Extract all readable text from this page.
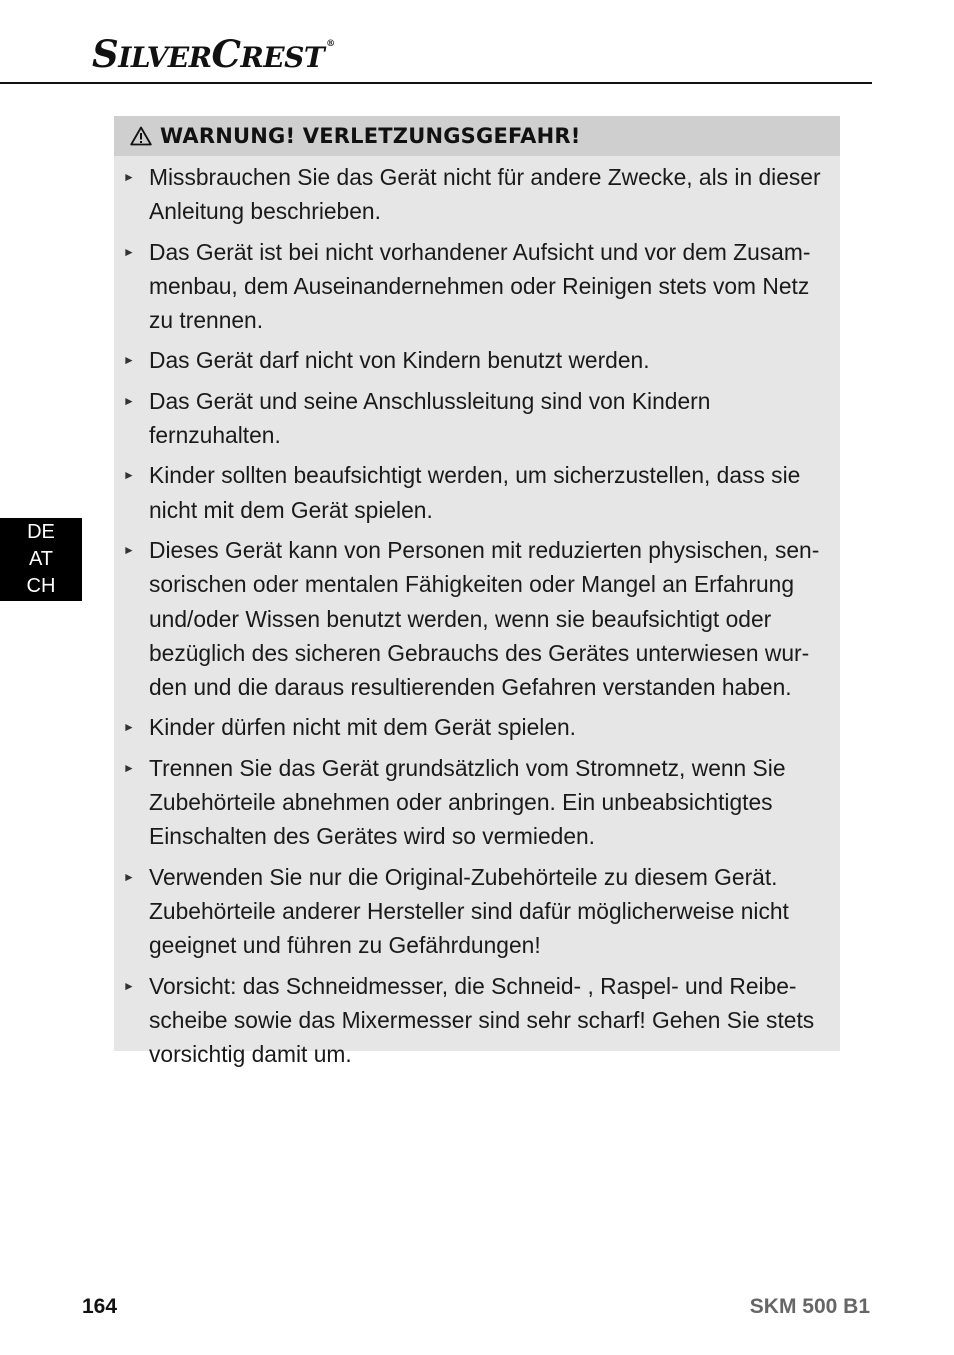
SILVERCREST ®
WARNUNG! VERLETZUNGSGEFAHR!
► Missbrauchen Sie das Gerät nicht für andere Zwecke, als in dieser
Anleitung beschrieben.
► Das Gerät ist bei nicht vorhandener Aufsicht und vor dem Zusam-
menbau, dem Auseinandernehmen oder Reinigen stets vom Netz
zu trennen.
► Das Gerät darf nicht von Kindern benutzt werden.
► Das Gerät und seine Anschlussleitung sind von Kindern fernzuhalten.
► Kinder sollten beaufsichtigt werden, um sicherzustellen, dass sie
nicht mit dem Gerät spielen.
► Dieses Gerät kann von Personen mit reduzierten physischen, sen-
sorischen oder mentalen Fähigkeiten oder Mangel an Erfahrung
und/oder Wissen benutzt werden, wenn sie beaufsichtigt oder
bezüglich des sicheren Gebrauchs des Gerätes unterwiesen wur-
den und die daraus resultierenden Gefahren verstanden haben.
► Kinder dürfen nicht mit dem Gerät spielen.
► Trennen Sie das Gerät grundsätzlich vom Stromnetz, wenn Sie
Zubehörteile abnehmen oder anbringen. Ein unbeabsichtigtes
Einschalten des Gerätes wird so vermieden.
► Verwenden Sie nur die Original-Zubehörteile zu diesem Gerät.
Zubehörteile anderer Hersteller sind dafür möglicherweise nicht
geeignet und führen zu Gefährdungen!
► Vorsicht: das Schneidmesser, die Schneid- , Raspel- und Reibe-
scheibe sowie das Mixermesser sind sehr scharf! Gehen Sie stets
vorsichtig damit um.
DE
AT
CH
164	SKM 500 B1
